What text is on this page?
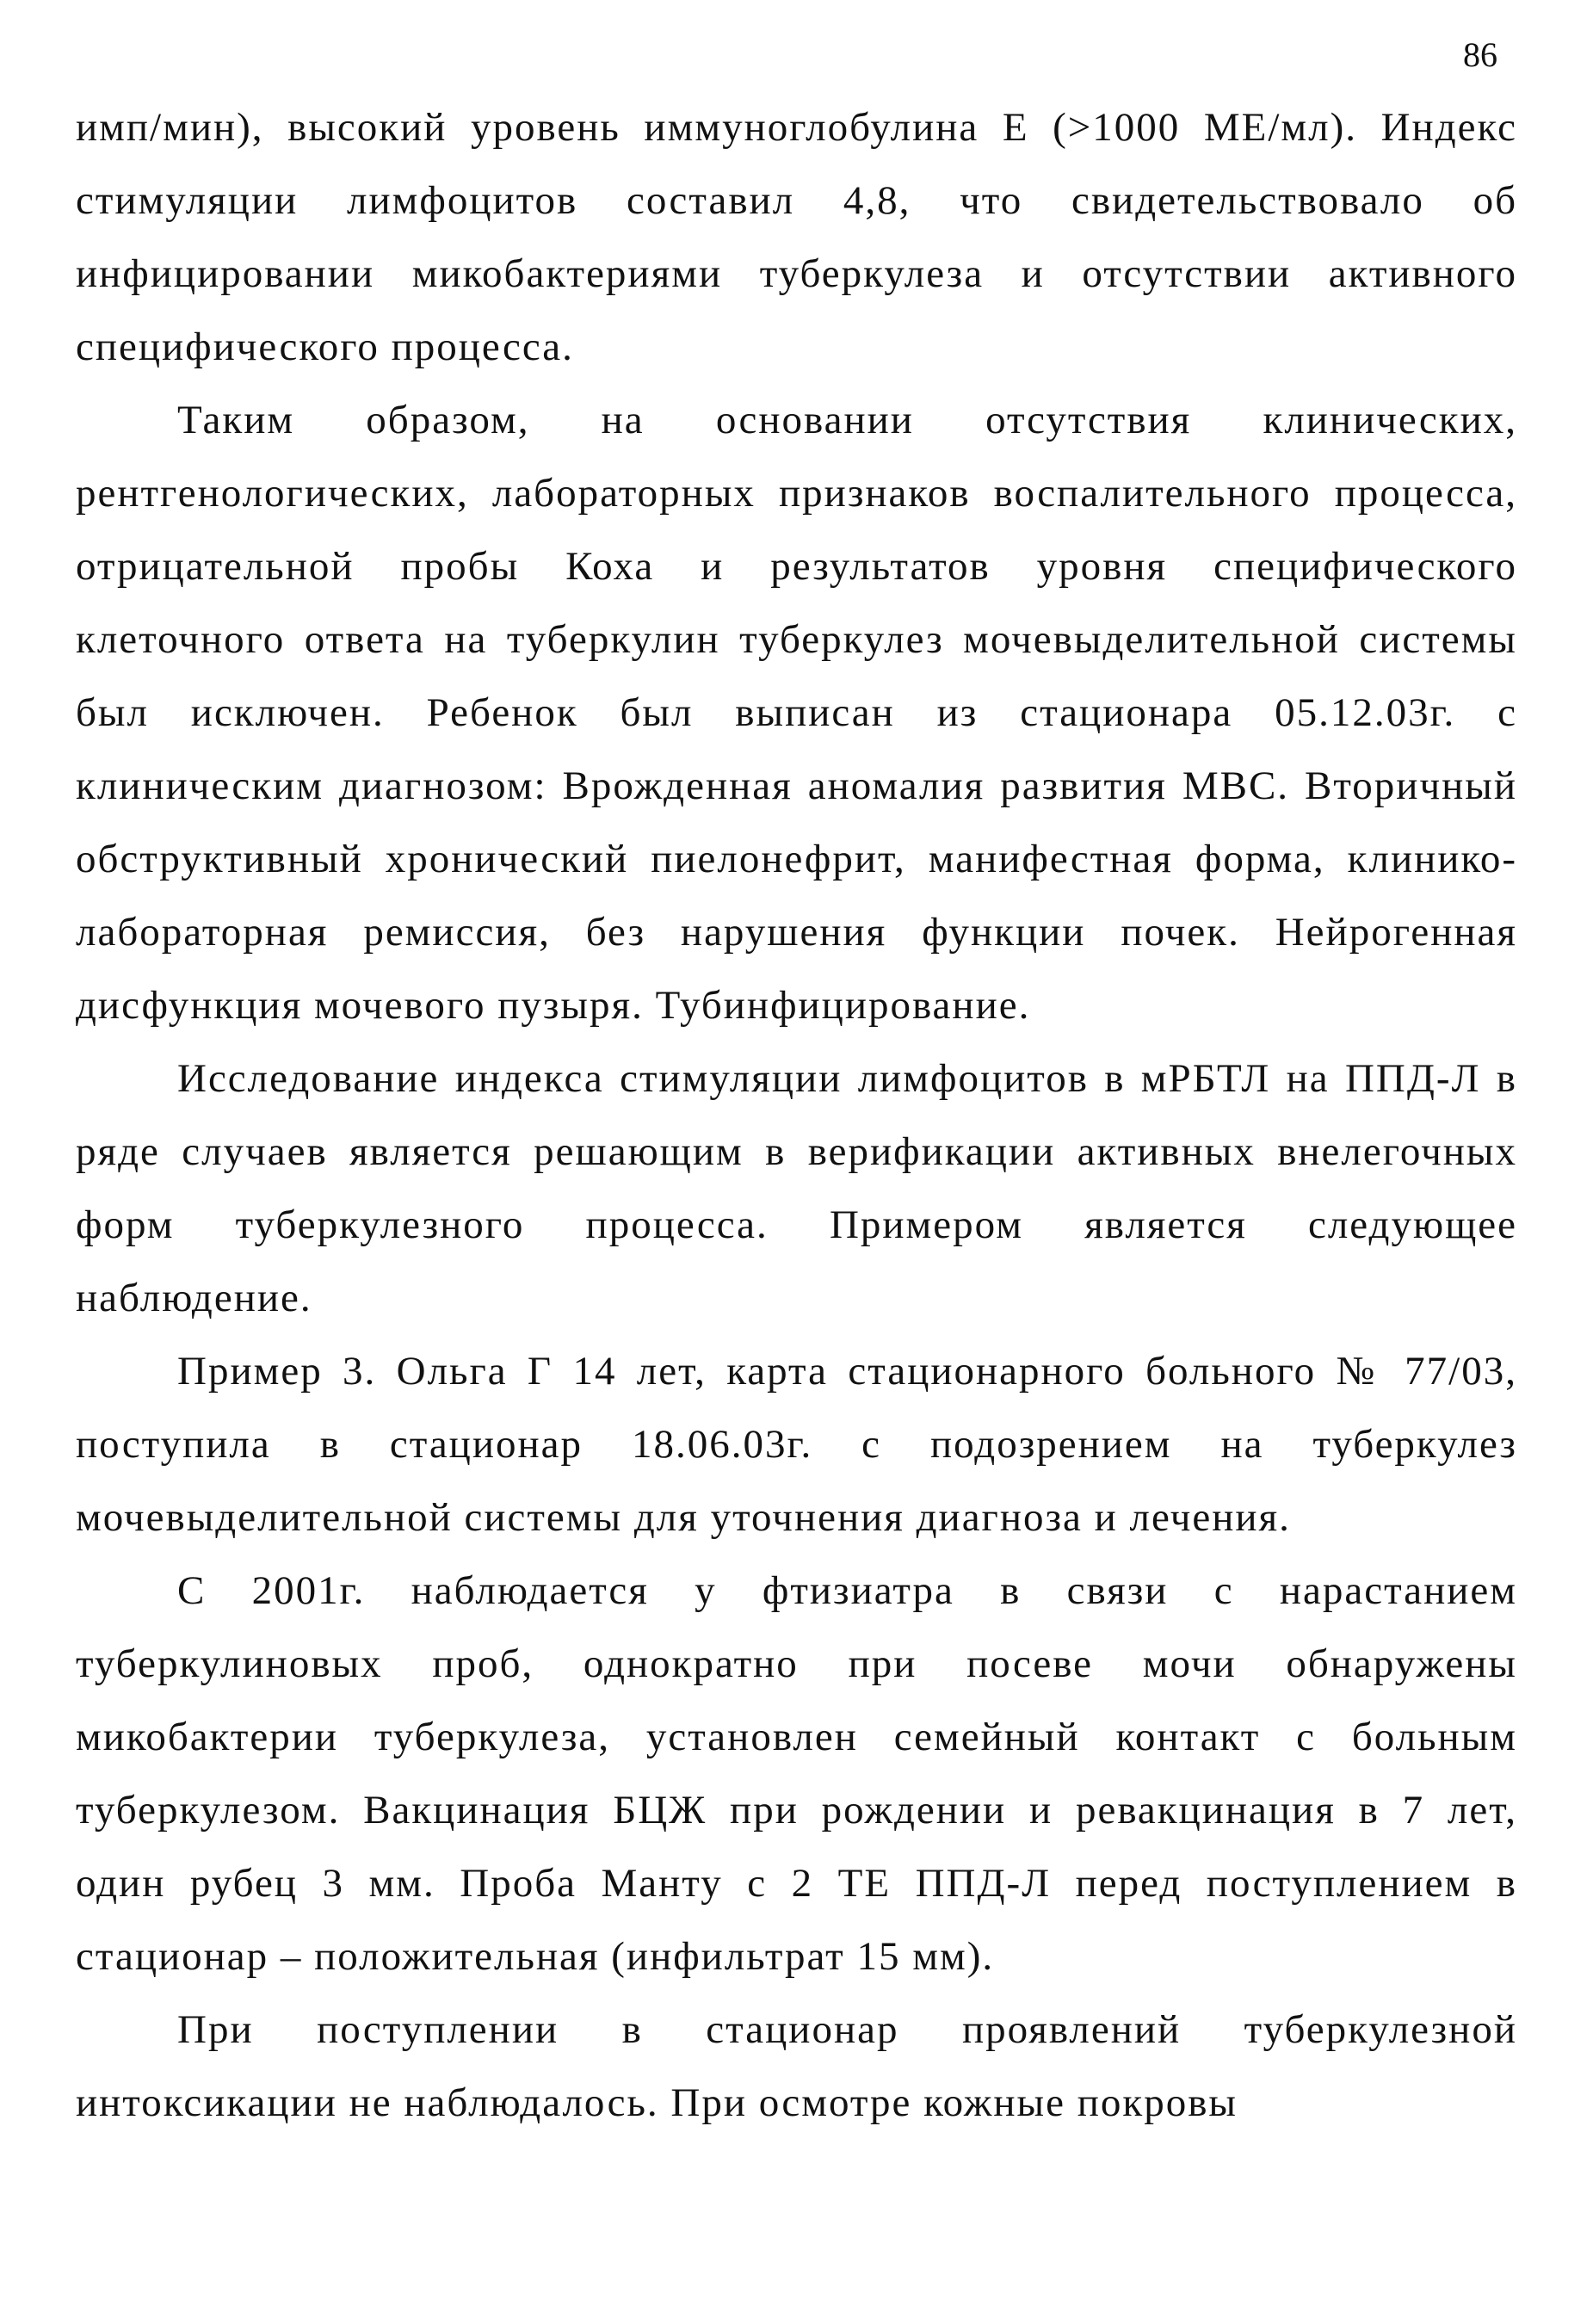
86

имп/мин), высокий уровень иммуноглобулина Е (>1000 МЕ/мл). Индекс стимуляции лимфоцитов составил 4,8, что свидетельствовало об инфицировании микобактериями туберкулеза и отсутствии активного специфического процесса.

Таким образом, на основании отсутствия клинических, рентгенологических, лабораторных признаков воспалительного процесса, отрицательной пробы Коха и результатов уровня специфического клеточного ответа на туберкулин туберкулез мочевыделительной системы был исключен. Ребенок был выписан из стационара 05.12.03г. с клиническим диагнозом: Врожденная аномалия развития МВС. Вторичный обструктивный хронический пиелонефрит, манифестная форма, клинико-лабораторная ремиссия, без нарушения функции почек. Нейрогенная дисфункция мочевого пузыря. Тубинфицирование.

Исследование индекса стимуляции лимфоцитов в мРБТЛ на ППД-Л в ряде случаев является решающим в верификации активных внелегочных форм туберкулезного процесса. Примером является следующее наблюдение.

Пример 3. Ольга Г 14 лет, карта стационарного больного № 77/03, поступила в стационар 18.06.03г. с подозрением на туберкулез мочевыделительной системы для уточнения диагноза и лечения.

С 2001г. наблюдается у фтизиатра в связи с нарастанием туберкулиновых проб, однократно при посеве мочи обнаружены микобактерии туберкулеза, установлен семейный контакт с больным туберкулезом. Вакцинация БЦЖ при рождении и ревакцинация в 7 лет, один рубец 3 мм. Проба Манту с 2 ТЕ ППД-Л перед поступлением в стационар – положительная (инфильтрат 15 мм).

При поступлении в стационар проявлений туберкулезной интоксикации не наблюдалось. При осмотре кожные покровы
